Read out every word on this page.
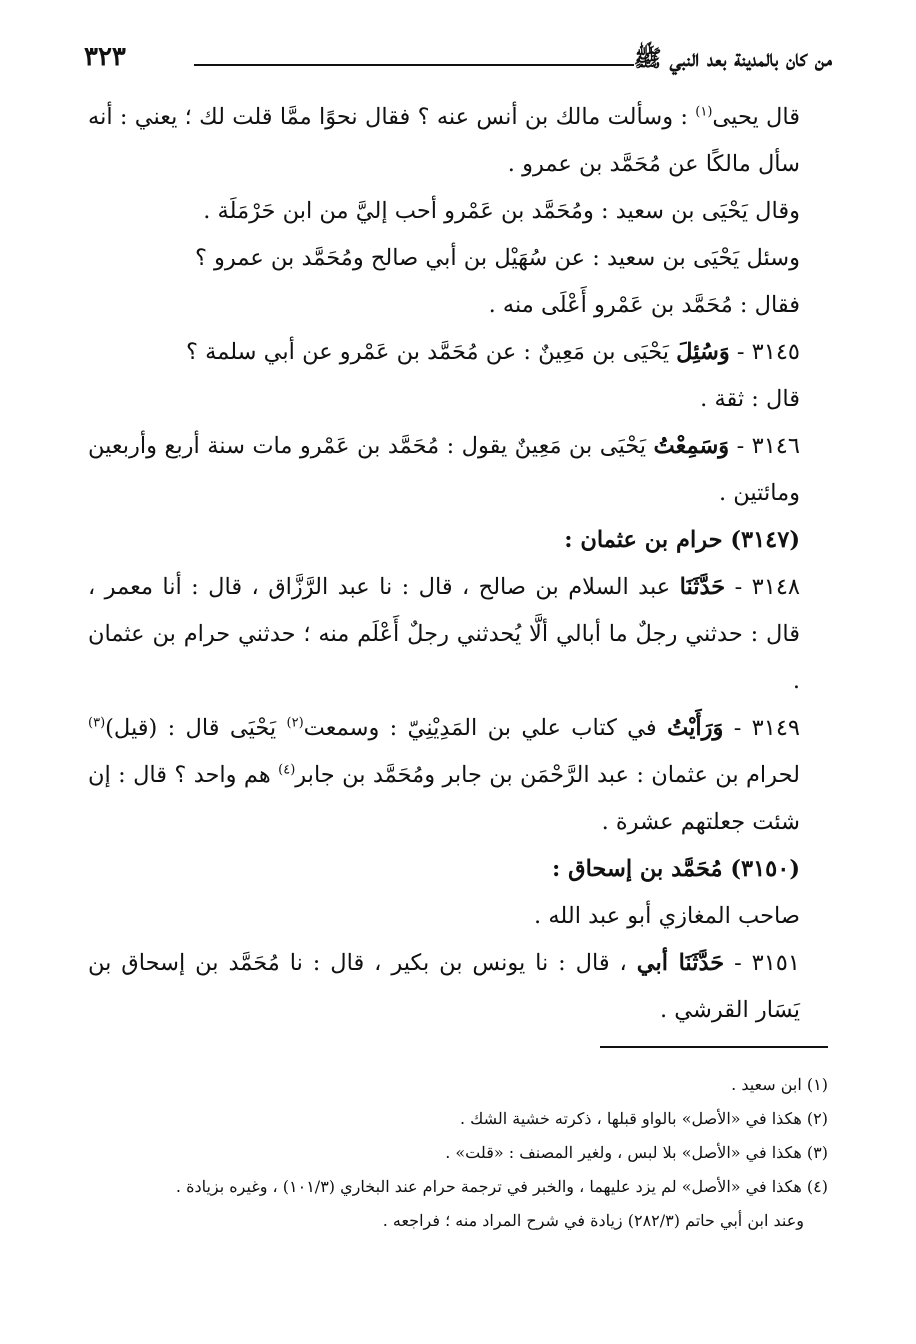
من كان بالمدينة بعد النبي ﷺ
٣٢٣

قال يحيى$^{(١)}$ : وسألت مالك بن أنس عنه ؟ فقال نحوًا ممَّا قلت لك ؛ يعني : أنه سأل مالكًا عن مُحَمَّد بن عمرو .

وقال يَحْيَى بن سعيد : ومُحَمَّد بن عَمْرو أحب إليَّ من ابن حَرْمَلَة .

وسئل يَحْيَى بن سعيد : عن سُهَيْل بن أبي صالح ومُحَمَّد بن عمرو ؟

فقال : مُحَمَّد بن عَمْرو أَعْلَى منه .

٣١٤٥ - وَسُئِلَ يَحْيَى بن مَعِينٌ : عن مُحَمَّد بن عَمْرو عن أبي سلمة ؟

قال : ثقة .

٣١٤٦ - وَسَمِعْتُ يَحْيَى بن مَعِينٌ يقول : مُحَمَّد بن عَمْرو مات سنة أربع وأربعين ومائتين .

(٣١٤٧) حرام بن عثمان :

٣١٤٨ - حَدَّثَنَا عبد السلام بن صالح ، قال : نا عبد الرَّزَّاق ، قال : أنا معمر ، قال : حدثني رجلٌ ما أبالي ألَّا يُحدثني رجلٌ أَعْلَم منه ؛ حدثني حرام بن عثمان .

٣١٤٩ - وَرَأَيْتُ في كتاب علي بن المَدِيْنِيّ : وسمعت$^{(٢)}$ يَحْيَى قال : (قيل)$^{(٣)}$ لحرام بن عثمان : عبد الرَّحْمَن بن جابر ومُحَمَّد بن جابر$^{(٤)}$ هم واحد ؟ قال : إن شئت جعلتهم عشرة .

(٣١٥٠) مُحَمَّد بن إسحاق :

صاحب المغازي أبو عبد الله .

٣١٥١ - حَدَّثَنَا أبي ، قال : نا يونس بن بكير ، قال : نا مُحَمَّد بن إسحاق بن يَسَار القرشي .

(١) ابن سعيد .

(٢) هكذا في «الأصل» بالواو قبلها ، ذكرته خشية الشك .

(٣) هكذا في «الأصل» بلا لبس ، ولغير المصنف : «قلت» .

(٤) هكذا في «الأصل» لم يزد عليهما ، والخبر في ترجمة حرام عند البخاري (١٠١/٣) ، وغيره بزيادة .

وعند ابن أبي حاتم (٢٨٢/٣) زيادة في شرح المراد منه ؛ فراجعه .
